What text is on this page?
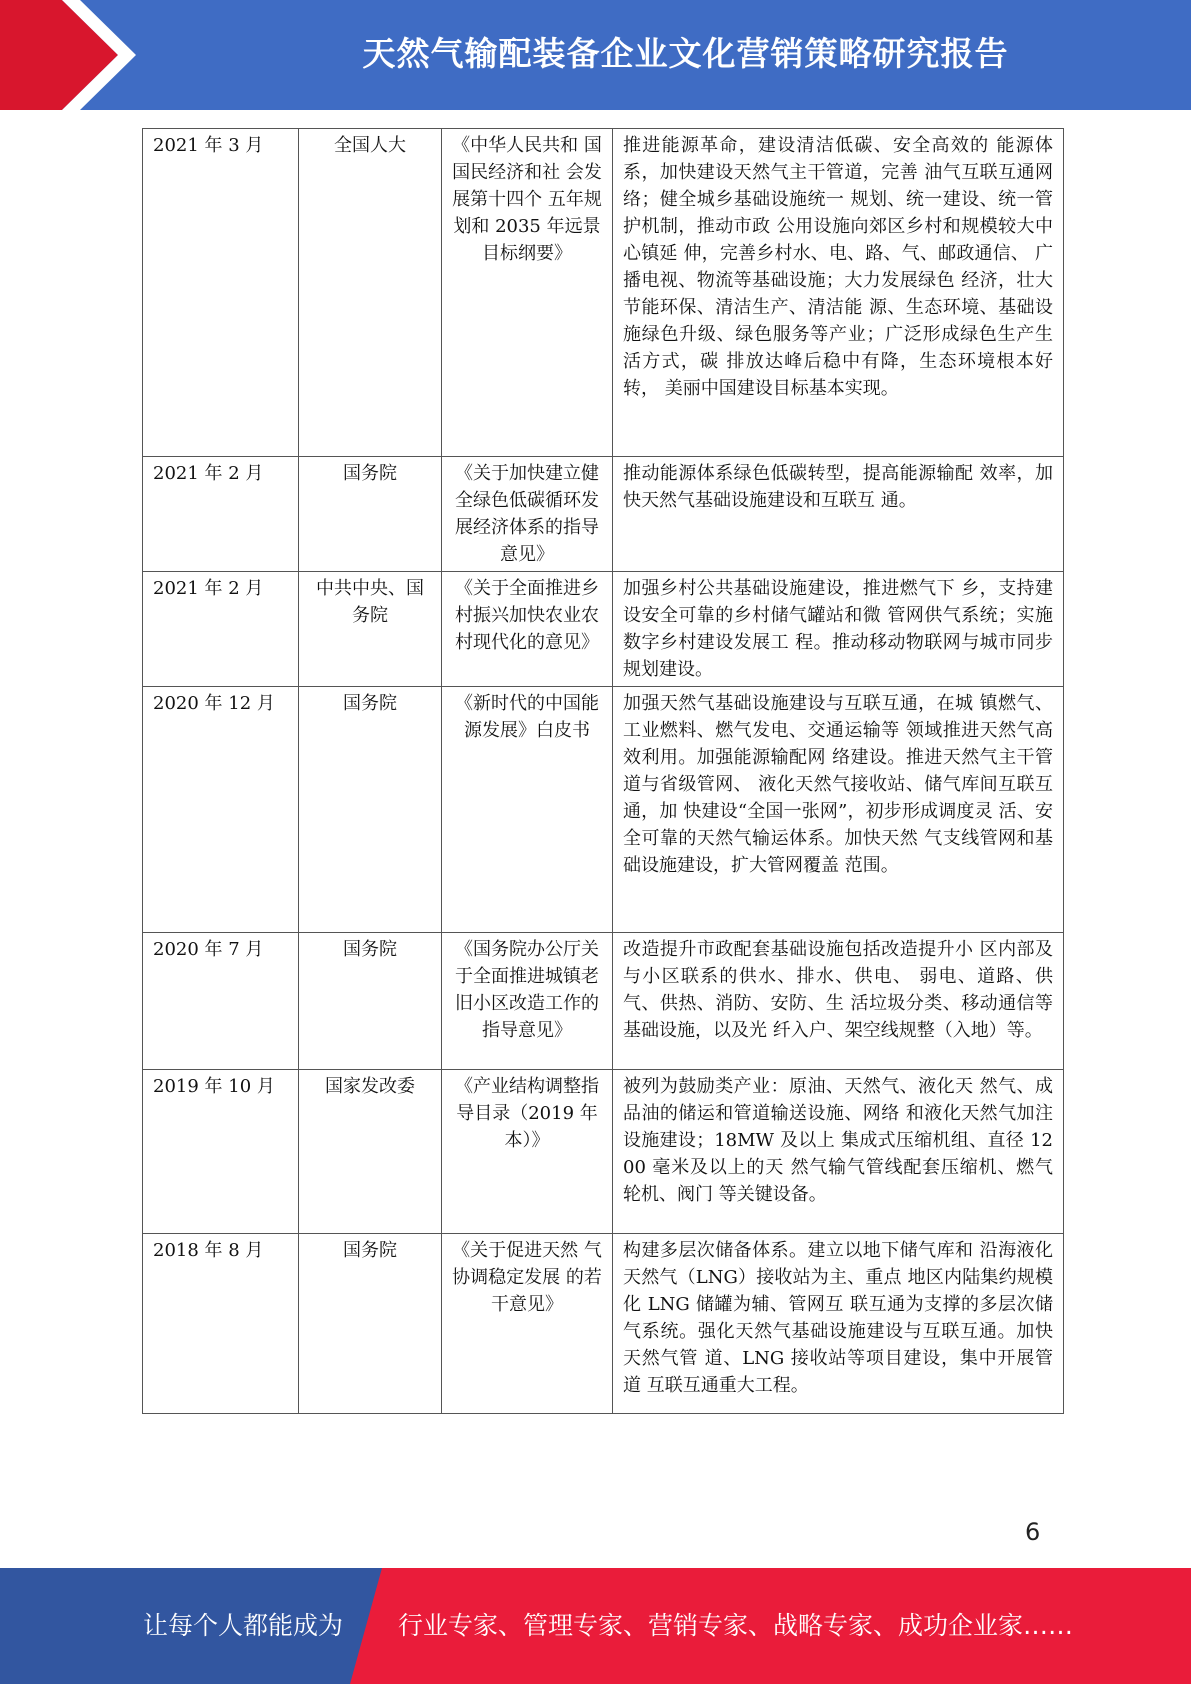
天然气输配装备企业文化营销策略研究报告
2021 年 3 月	全国人大	《中华人民共和 国国民经济和社 会发展第十四个 五年规划和 2035 年远景目标纲要》	推进能源革命，建设清洁低碳、安全高效的 能源体系，加快建设天然气主干管道，完善 油气互联互通网络；健全城乡基础设施统一 规划、统一建设、统一管护机制，推动市政 公用设施向郊区乡村和规模较大中心镇延 伸，完善乡村水、电、路、气、邮政通信、 广播电视、物流等基础设施；大力发展绿色 经济，壮大节能环保、清洁生产、清洁能 源、生态环境、基础设施绿色升级、绿色服务等产业；广泛形成绿色生产生活方式，碳 排放达峰后稳中有降，生态环境根本好转， 美丽中国建设目标基本实现。
2021 年 2 月	国务院	《关于加快建立健全绿色低碳循环发展经济体系的指导意见》	推动能源体系绿色低碳转型，提高能源输配 效率，加快天然气基础设施建设和互联互 通。
2021 年 2 月	中共中央、国务院	《关于全面推进乡村振兴加快农业农村现代化的意见》	加强乡村公共基础设施建设，推进燃气下 乡，支持建设安全可靠的乡村储气罐站和微 管网供气系统；实施数字乡村建设发展工 程。推动移动物联网与城市同步规划建设。
2020 年 12 月	国务院	《新时代的中国能源发展》白皮书	加强天然气基础设施建设与互联互通，在城 镇燃气、工业燃料、燃气发电、交通运输等 领域推进天然气高效利用。加强能源输配网 络建设。推进天然气主干管道与省级管网、 液化天然气接收站、储气库间互联互通，加 快建设“全国一张网”，初步形成调度灵 活、安全可靠的天然气输运体系。加快天然 气支线管网和基础设施建设，扩大管网覆盖 范围。
2020 年 7 月	国务院	《国务院办公厅关于全面推进城镇老旧小区改造工作的指导意见》	改造提升市政配套基础设施包括改造提升小 区内部及与小区联系的供水、排水、供电、 弱电、道路、供气、供热、消防、安防、生 活垃圾分类、移动通信等基础设施，以及光 纤入户、架空线规整（入地）等。
2019 年 10 月	国家发改委	《产业结构调整指导目录（2019 年本）》	被列为鼓励类产业：原油、天然气、液化天 然气、成品油的储运和管道输送设施、网络 和液化天然气加注设施建设；18MW 及以上 集成式压缩机组、直径 1200 毫米及以上的天 然气输气管线配套压缩机、燃气轮机、阀门 等关键设备。
2018 年 8 月	国务院	《关于促进天然 气协调稳定发展 的若干意见》	构建多层次储备体系。建立以地下储气库和 沿海液化天然气（LNG）接收站为主、重点 地区内陆集约规模化 LNG 储罐为辅、管网互 联互通为支撑的多层次储气系统。强化天然气基础设施建设与互联互通。加快天然气管 道、LNG 接收站等项目建设，集中开展管道 互联互通重大工程。
6
让每个人都能成为 行业专家、管理专家、营销专家、战略专家、成功企业家……
